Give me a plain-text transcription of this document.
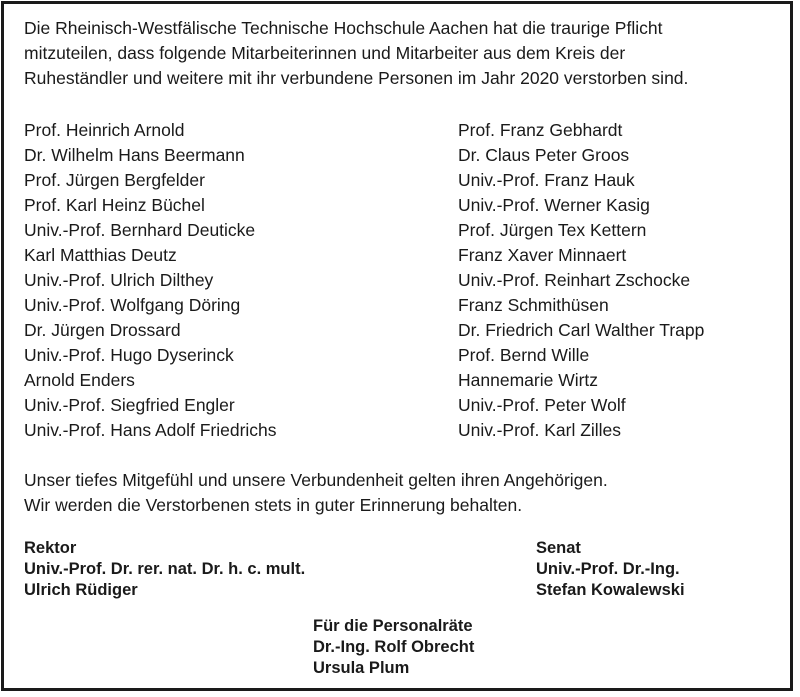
Die Rheinisch-Westfälische Technische Hochschule Aachen hat die traurige Pflicht
mitzuteilen, dass folgende Mitarbeiterinnen und Mitarbeiter aus dem Kreis der
Ruheständler und weitere mit ihr verbundene Personen im Jahr 2020 verstorben sind.

Prof. Heinrich Arnold
Dr. Wilhelm Hans Beermann
Prof. Jürgen Bergfelder
Prof. Karl Heinz Büchel
Univ.-Prof. Bernhard Deuticke
Karl Matthias Deutz
Univ.-Prof. Ulrich Dilthey
Univ.-Prof. Wolfgang Döring
Dr. Jürgen Drossard
Univ.-Prof. Hugo Dyserinck
Arnold Enders
Univ.-Prof. Siegfried Engler
Univ.-Prof. Hans Adolf Friedrichs
Prof. Franz Gebhardt
Dr. Claus Peter Groos
Univ.-Prof. Franz Hauk
Univ.-Prof. Werner Kasig
Prof. Jürgen Tex Kettern
Franz Xaver Minnaert
Univ.-Prof. Reinhart Zschocke
Franz Schmithüsen
Dr. Friedrich Carl Walther Trapp
Prof. Bernd Wille
Hannemarie Wirtz
Univ.-Prof. Peter Wolf
Univ.-Prof. Karl Zilles
Unser tiefes Mitgefühl und unsere Verbundenheit gelten ihren Angehörigen.
Wir werden die Verstorbenen stets in guter Erinnerung behalten.
Rektor
Univ.-Prof. Dr. rer. nat. Dr. h. c. mult.
Ulrich Rüdiger
Senat
Univ.-Prof. Dr.-Ing.
Stefan Kowalewski
Für die Personalräte
Dr.-Ing. Rolf Obrecht
Ursula Plum
